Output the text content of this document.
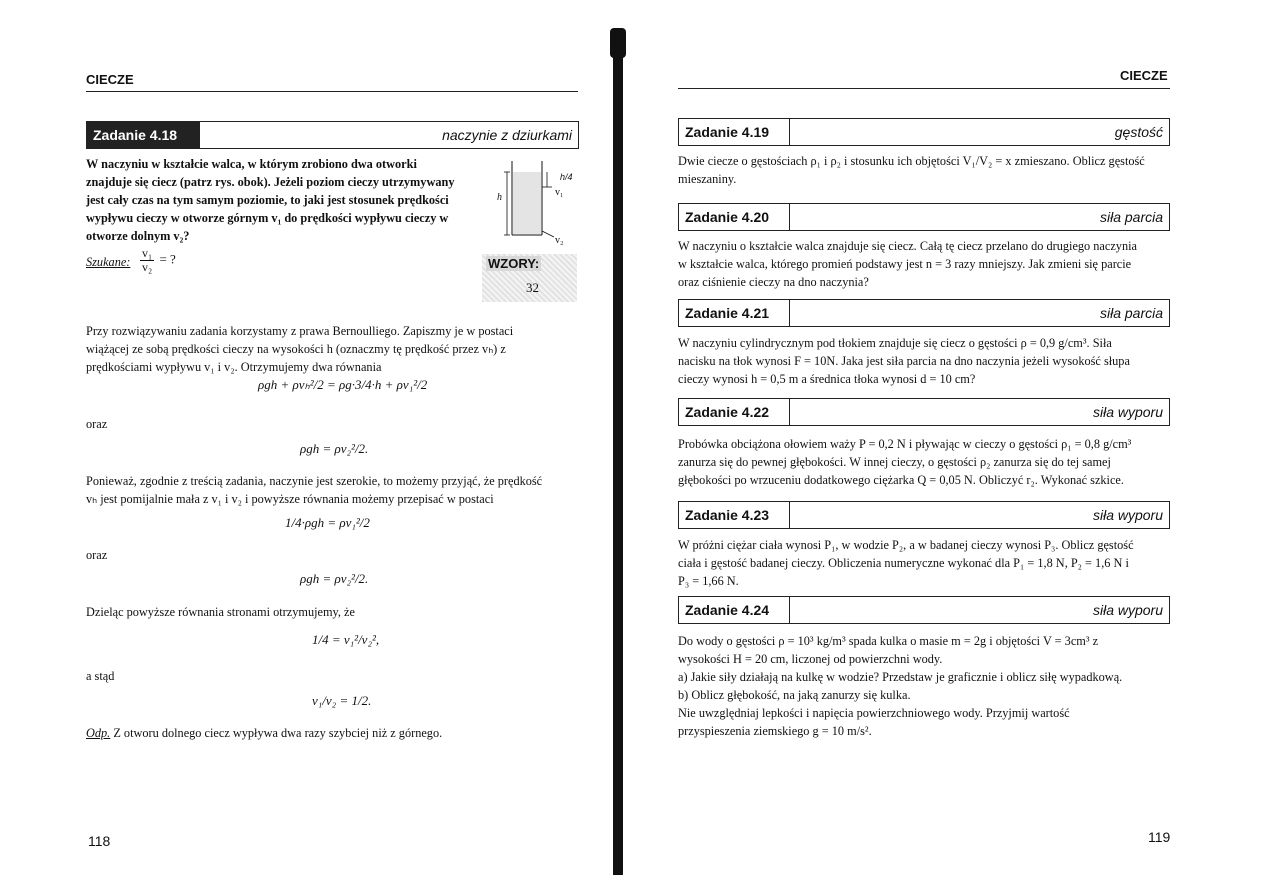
CIECZE
Zadanie 4.18	naczynie z dziurkami
W naczyniu w kształcie walca, w którym zrobiono dwa otworki
znajduje się ciecz (patrz rys. obok). Jeżeli poziom cieczy utrzymywany
jest cały czas na tym samym poziomie, to jaki jest stosunek prędkości
wypływu cieczy w otworze górnym v₁ do prędkości wypływu cieczy w
otworze dolnym v₂?
h
h/4
v₁
v₂
Szukane: $\frac{\text{v₁}}{\text{v₂}}$ = ?	WZORY:
32
Przy rozwiązywaniu zadania korzystamy z prawa Bernoulliego. Zapiszmy je w postaci
wiążącej ze sobą prędkości cieczy na wysokości h (oznaczmy tę prędkość przez vₕ) z
prędkościami wypływu v₁ i v₂. Otrzymujemy dwa równania
ρgh + ρvₕ²/2 = ρg·3/4·h + ρv₁²/2
oraz
ρgh = ρv₂²/2.
Ponieważ, zgodnie z treścią zadania, naczynie jest szerokie, to możemy przyjąć, że prędkość
vₕ jest pomijalnie mała z v₁ i v₂ i powyższe równania możemy przepisać w postaci
1/4·ρgh = ρv₁²/2
oraz
ρgh = ρv₂²/2.
Dzieląc powyższe równania stronami otrzymujemy, że
1/4 = v₁²/v₂²,
a stąd
v₁/v₂ = 1/2.
Odp. Z otworu dolnego ciecz wypływa dwa razy szybciej niż z górnego.
118
CIECZE
Zadanie 4.19	gęstość
Dwie ciecze o gęstościach ρ₁ i ρ₂ i stosunku ich objętości V₁/V₂ = x zmieszano. Oblicz gęstość
mieszaniny.
Zadanie 4.20	siła parcia
W naczyniu o kształcie walca znajduje się ciecz. Całą tę ciecz przelano do drugiego naczynia
w kształcie walca, którego promień podstawy jest n = 3 razy mniejszy. Jak zmieni się parcie
oraz ciśnienie cieczy na dno naczynia?
Zadanie 4.21	siła parcia
W naczyniu cylindrycznym pod tłokiem znajduje się ciecz o gęstości ρ = 0,9 g/cm³. Siła
nacisku na tłok wynosi F = 10N. Jaka jest siła parcia na dno naczynia jeżeli wysokość słupa
cieczy wynosi h = 0,5 m a średnica tłoka wynosi d = 10 cm?
Zadanie 4.22	siła wyporu
Probówka obciążona ołowiem waży P = 0,2 N i pływając w cieczy o gęstości ρ₁ = 0,8 g/cm³
zanurza się do pewnej głębokości. W innej cieczy, o gęstości ρ₂ zanurza się do tej samej
głębokości po wrzuceniu dodatkowego ciężarka Q = 0,05 N. Obliczyć r₂. Wykonać szkice.
Zadanie 4.23	siła wyporu
W próżni ciężar ciała wynosi P₁, w wodzie P₂, a w badanej cieczy wynosi P₃. Oblicz gęstość
ciała i gęstość badanej cieczy. Obliczenia numeryczne wykonać dla P₁ = 1,8 N, P₂ = 1,6 N i
P₃ = 1,66 N.
Zadanie 4.24	siła wyporu
Do wody o gęstości ρ = 10³ kg/m³ spada kulka o masie m = 2g i objętości V = 3cm³ z
wysokości H = 20 cm, liczonej od powierzchni wody.
a) Jakie siły działają na kulkę w wodzie? Przedstaw je graficznie i oblicz siłę wypadkową.
b) Oblicz głębokość, na jaką zanurzy się kulka.
Nie uwzględniaj lepkości i napięcia powierzchniowego wody. Przyjmij wartość
przyspieszenia ziemskiego g = 10 m/s².
119
